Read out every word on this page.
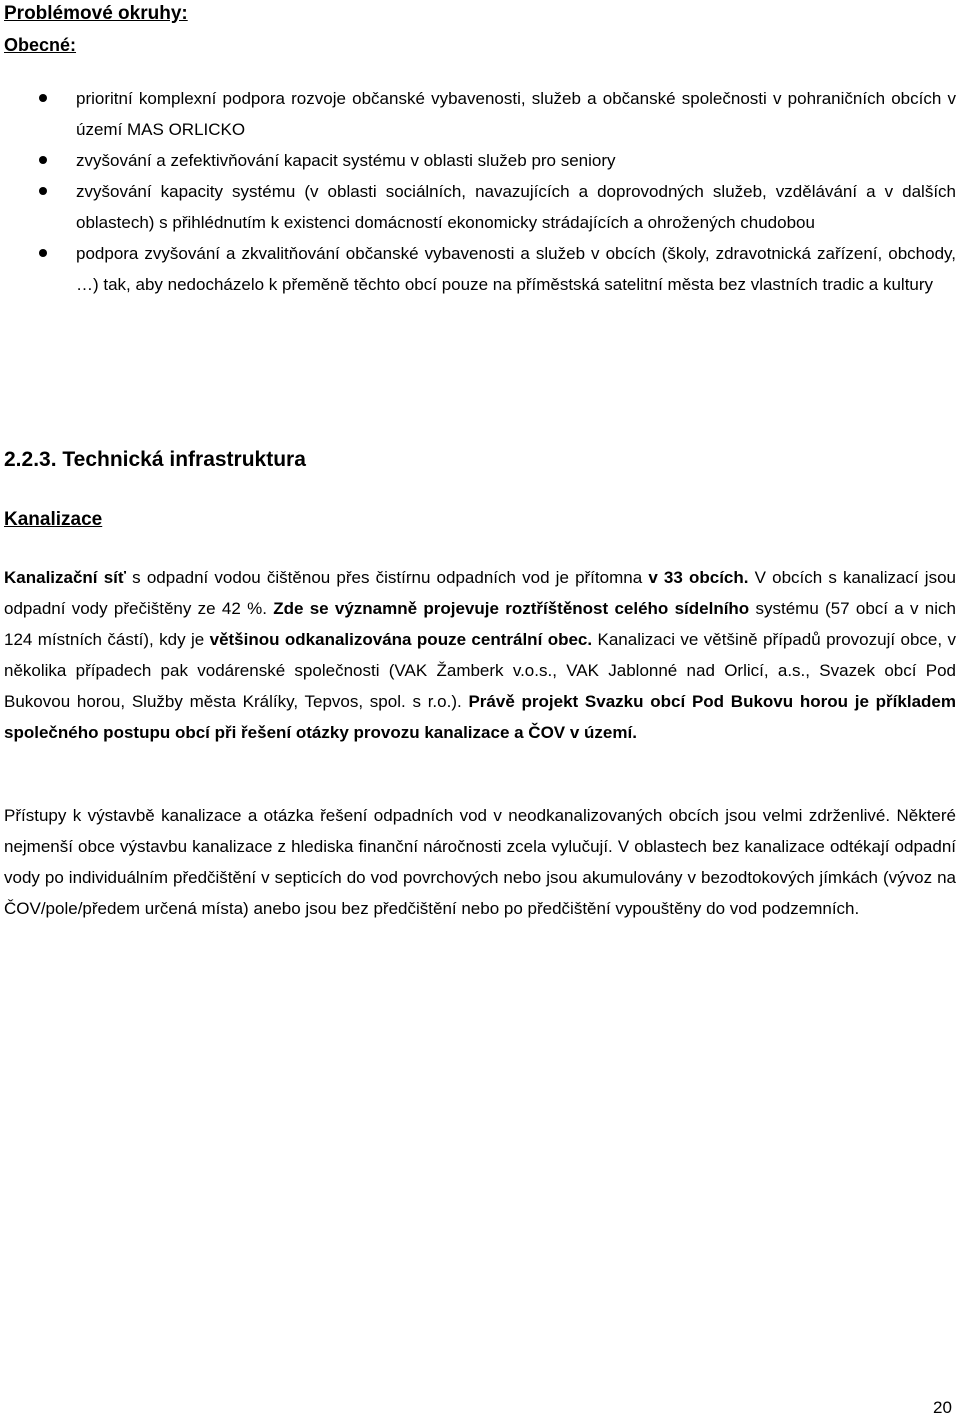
Problémové okruhy:
Obecné:
prioritní komplexní podpora rozvoje občanské vybavenosti, služeb a občanské společnosti v pohraničních obcích v území MAS ORLICKO
zvyšování a zefektivňování kapacit systému v oblasti služeb pro seniory
zvyšování kapacity systému (v oblasti sociálních, navazujících a doprovodných služeb, vzdělávání a v dalších oblastech) s přihlédnutím k existenci domácností ekonomicky strádajících a ohrožených chudobou
podpora zvyšování a zkvalitňování občanské vybavenosti a služeb v obcích (školy, zdravotnická zařízení, obchody, …) tak, aby nedocházelo k přeměně těchto obcí pouze na příměstská satelitní města bez vlastních tradic a kultury
2.2.3. Technická infrastruktura
Kanalizace

Kanalizační síť s odpadní vodou čištěnou přes čistírnu odpadních vod je přítomna v 33 obcích. V obcích s kanalizací jsou odpadní vody přečištěny ze 42 %. Zde se významně projevuje roztříštěnost celého sídelního systému (57 obcí a v nich 124 místních částí), kdy je většinou odkanalizována pouze centrální obec. Kanalizaci ve většině případů provozují obce, v několika případech pak vodárenské společnosti (VAK Žamberk v.o.s., VAK Jablonné nad Orlicí, a.s., Svazek obcí Pod Bukovou horou, Služby města Králíky, Tepvos, spol. s r.o.). Právě projekt Svazku obcí Pod Bukovu horou je příkladem společného postupu obcí při řešení otázky provozu kanalizace a ČOV v území.

Přístupy k výstavbě kanalizace a otázka řešení odpadních vod v neodkanalizovaných obcích jsou velmi zdrženlivé. Některé nejmenší obce výstavbu kanalizace z hlediska finanční náročnosti zcela vylučují. V oblastech bez kanalizace odtékají odpadní vody po individuálním předčištění v septicích do vod povrchových nebo jsou akumulovány v bezodtokových jímkách (vývoz na ČOV/pole/předem určená místa) anebo jsou bez předčištění nebo po předčištění vypouštěny do vod podzemních.

20
